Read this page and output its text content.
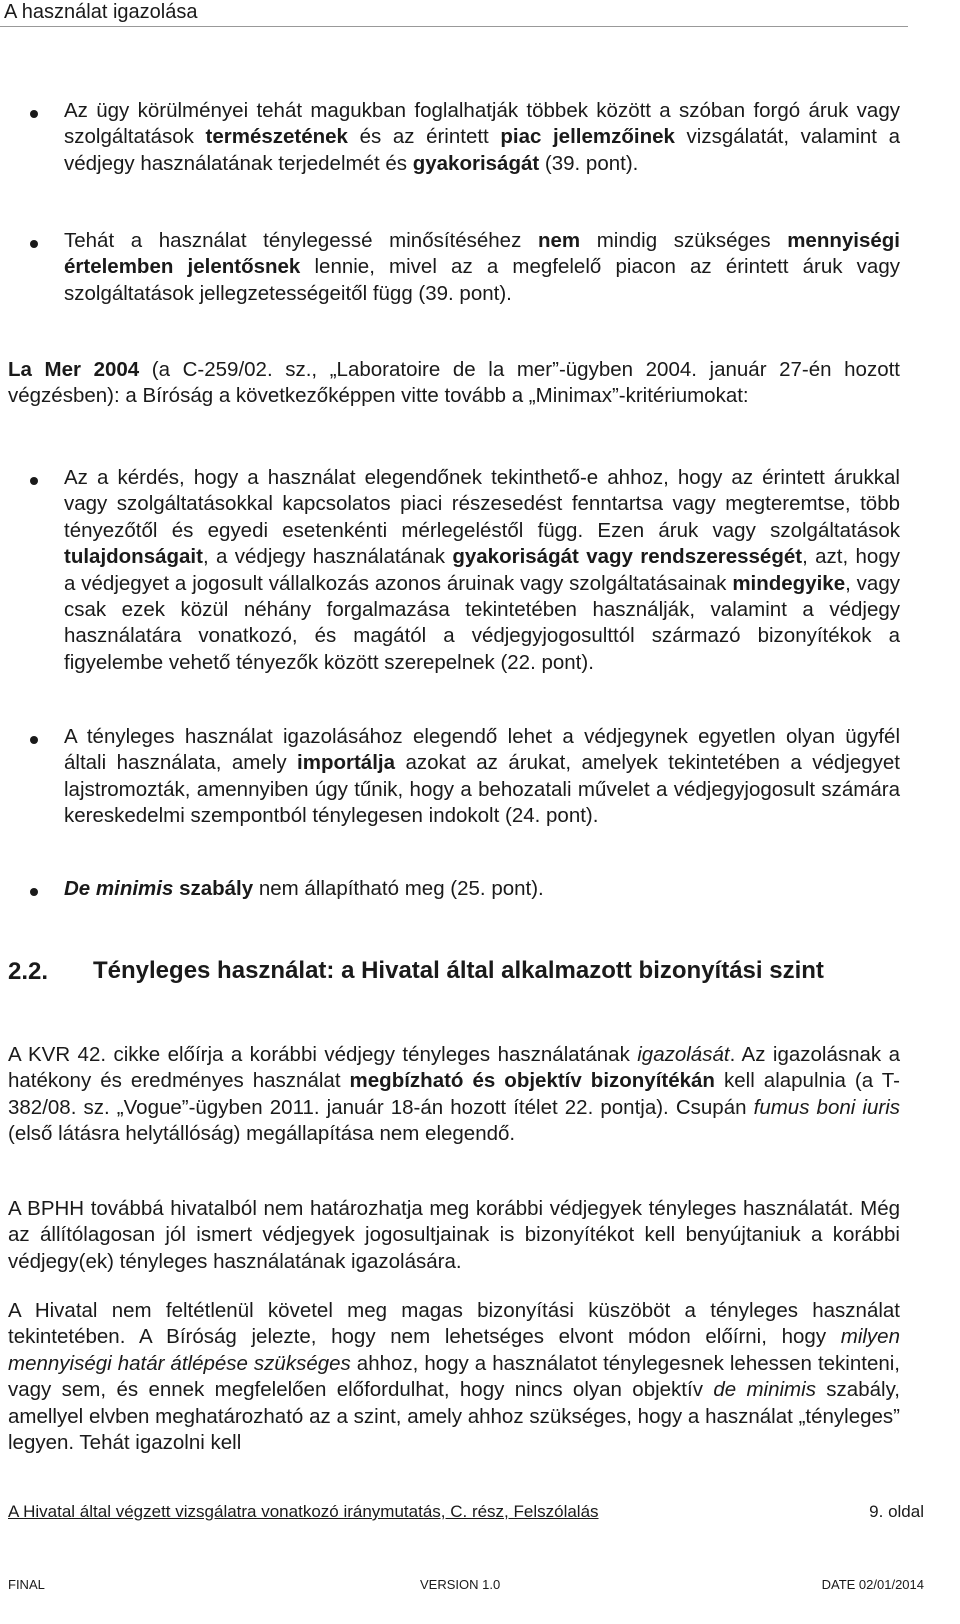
A használat igazolása
Az ügy körülményei tehát magukban foglalhatják többek között a szóban forgó áruk vagy szolgáltatások természetének és az érintett piac jellemzőinek vizsgálatát, valamint a védjegy használatának terjedelmét és gyakoriságát (39. pont).
Tehát a használat ténylegessé minősítéséhez nem mindig szükséges mennyiségi értelemben jelentősnek lennie, mivel az a megfelelő piacon az érintett áruk vagy szolgáltatások jellegzetességeitől függ (39. pont).
La Mer 2004 (a C-259/02. sz., „Laboratoire de la mer”-ügyben 2004. január 27-én hozott végzésben): a Bíróság a következőképpen vitte tovább a „Minimax”-kritériumokat:
Az a kérdés, hogy a használat elegendőnek tekinthető-e ahhoz, hogy az érintett árukkal vagy szolgáltatásokkal kapcsolatos piaci részesedést fenntartsa vagy megteremtse, több tényezőtől és egyedi esetenkénti mérlegeléstől függ. Ezen áruk vagy szolgáltatások tulajdonságait, a védjegy használatának gyakoriságát vagy rendszerességét, azt, hogy a védjegyet a jogosult vállalkozás azonos áruinak vagy szolgáltatásainak mindegyike, vagy csak ezek közül néhány forgalmazása tekintetében használják, valamint a védjegy használatára vonatkozó, és magától a védjegyjogosulttól származó bizonyítékok a figyelembe vehető tényezők között szerepelnek (22. pont).
A tényleges használat igazolásához elegendő lehet a védjegynek egyetlen olyan ügyfél általi használata, amely importálja azokat az árukat, amelyek tekintetében a védjegyet lajstromozták, amennyiben úgy tűnik, hogy a behozatali művelet a védjegyjogosult számára kereskedelmi szempontból ténylegesen indokolt (24. pont).
De minimis szabály nem állapítható meg (25. pont).
2.2. Tényleges használat: a Hivatal által alkalmazott bizonyítási szint
A KVR 42. cikke előírja a korábbi védjegy tényleges használatának igazolását. Az igazolásnak a hatékony és eredményes használat megbízható és objektív bizonyítékán kell alapulnia (a T-382/08. sz. „Vogue”-ügyben 2011. január 18-án hozott ítélet 22. pontja). Csupán fumus boni iuris (első látásra helytállóság) megállapítása nem elegendő.
A BPHH továbbá hivatalból nem határozhatja meg korábbi védjegyek tényleges használatát. Még az állítólagosan jól ismert védjegyek jogosultjainak is bizonyítékot kell benyújtaniuk a korábbi védjegy(ek) tényleges használatának igazolására.
A Hivatal nem feltétlenül követel meg magas bizonyítási küszöböt a tényleges használat tekintetében. A Bíróság jelezte, hogy nem lehetséges elvont módon előírni, hogy milyen mennyiségi határ átlépése szükséges ahhoz, hogy a használatot ténylegesnek lehessen tekinteni, vagy sem, és ennek megfelelően előfordulhat, hogy nincs olyan objektív de minimis szabály, amellyel elvben meghatározható az a szint, amely ahhoz szükséges, hogy a használat „tényleges” legyen. Tehát igazolni kell
A Hivatal által végzett vizsgálatra vonatkozó iránymutatás, C. rész, Felszólalás	9. oldal
FINAL	VERSION 1.0	DATE 02/01/2014
